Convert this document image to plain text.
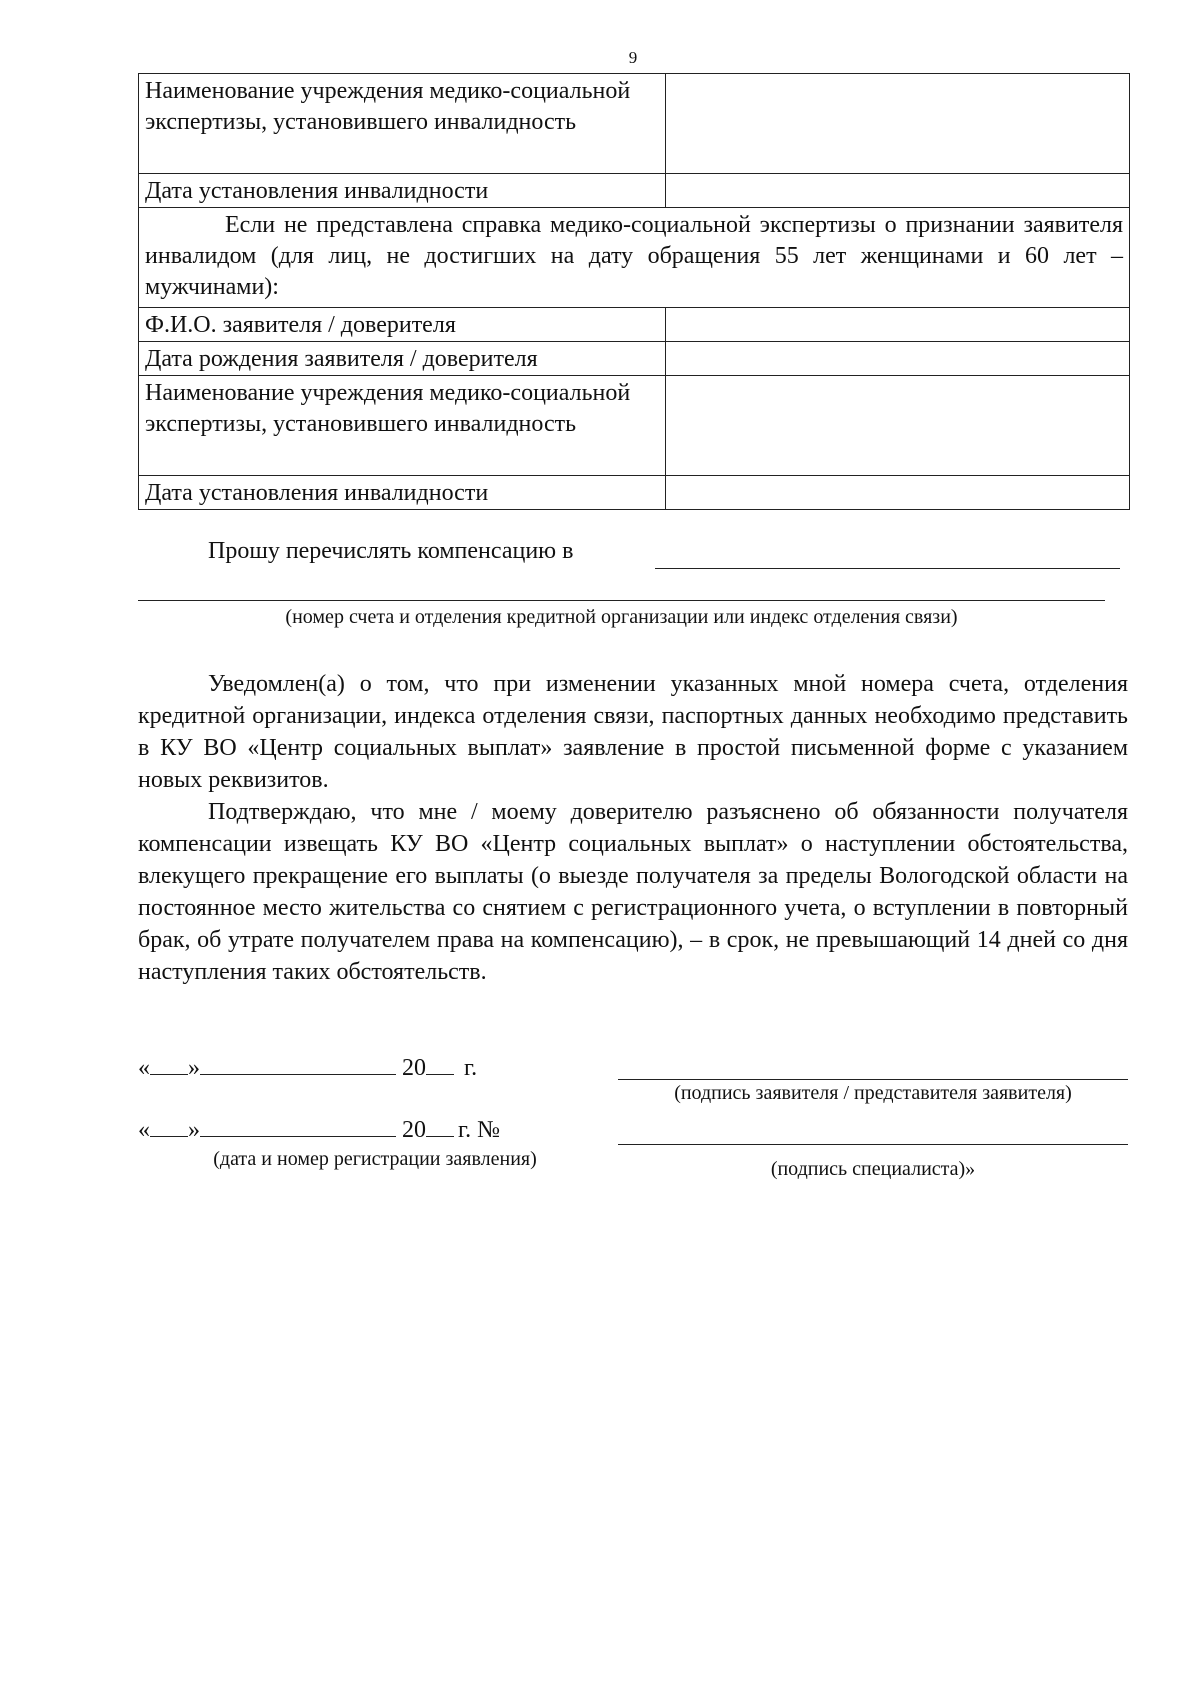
9
Наименование учреждения медико-социальной экспертизы, установившего инвалидность	
Дата установления инвалидности	
Если не представлена справка медико-социальной экспертизы о признании заявителя инвалидом (для лиц, не достигших на дату обращения 55 лет женщинами и 60 лет – мужчинами):	
Ф.И.О. заявителя / доверителя	
Дата рождения заявителя / доверителя	
Наименование учреждения медико-социальной экспертизы, установившего инвалидность	
Дата установления инвалидности	
Прошу перечислять компенсацию в
(номер счета и отделения кредитной организации или индекс отделения связи)
Уведомлен(а) о том, что при изменении указанных мной номера счета, отделения кредитной организации, индекса отделения связи, паспортных данных необходимо представить в КУ ВО «Центр социальных выплат» заявление в простой письменной форме с указанием новых реквизитов.
Подтверждаю, что мне / моему доверителю разъяснено об обязанности получателя компенсации извещать КУ ВО «Центр социальных выплат» о наступлении обстоятельства, влекущего прекращение его выплаты (о выезде получателя за пределы Вологодской области на постоянное место жительства со снятием с регистрационного учета, о вступлении в повторный брак, об утрате получателем права на компенсацию), – в срок, не превышающий 14 дней со дня наступления таких обстоятельств.
« »	20 г.
(подпись заявителя / представителя заявителя)
« »	20 г. №
(дата и номер регистрации заявления)	(подпись специалиста)»
